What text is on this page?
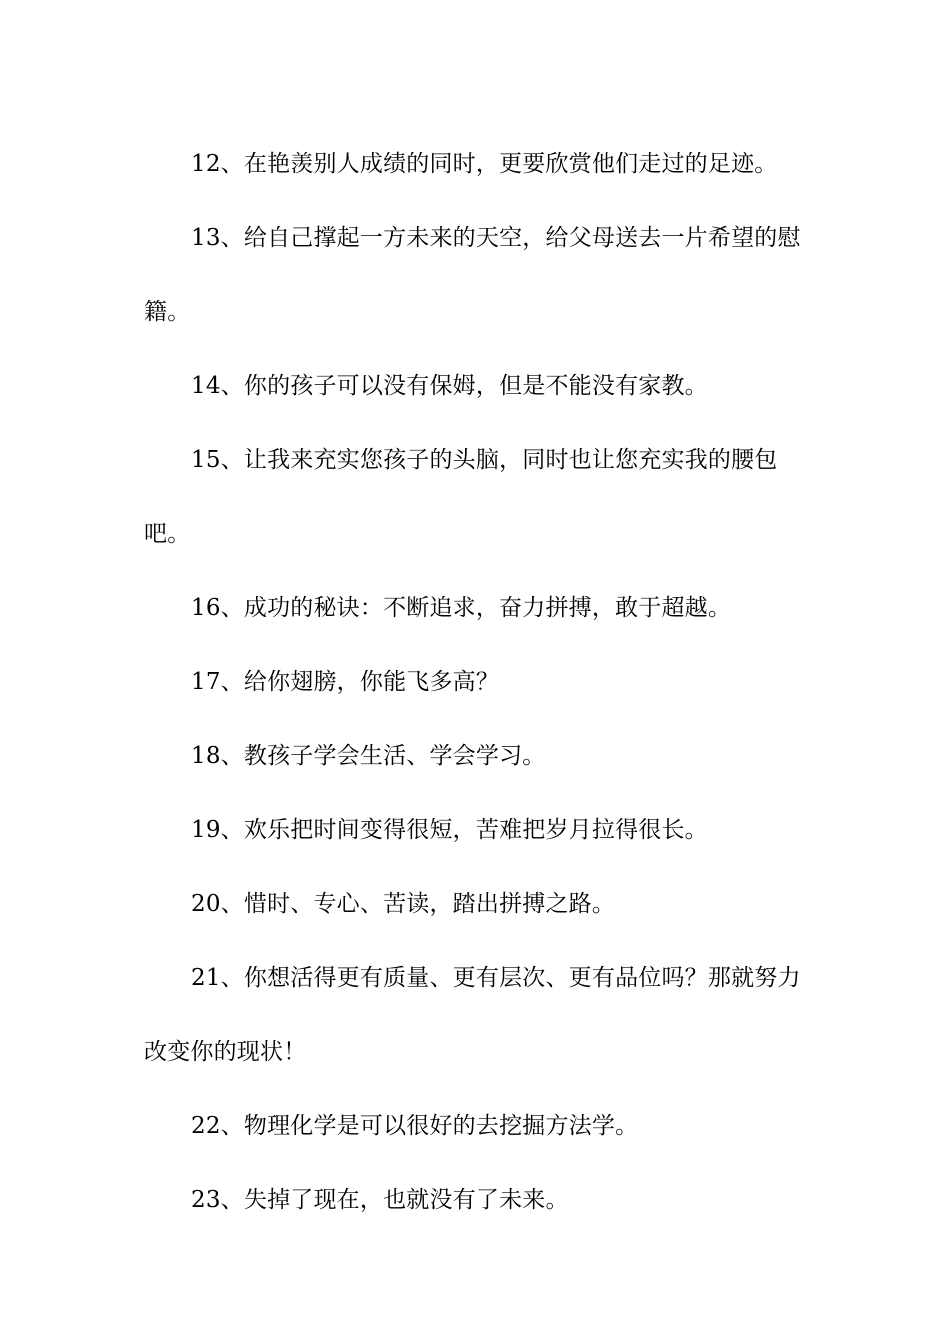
12、在艳羡别人成绩的同时，更要欣赏他们走过的足迹。

13、给自己撑起一方未来的天空，给父母送去一片希望的慰籍。

14、你的孩子可以没有保姆，但是不能没有家教。

15、让我来充实您孩子的头脑，同时也让您充实我的腰包吧。

16、成功的秘诀：不断追求，奋力拼搏，敢于超越。

17、给你翅膀，你能飞多高？

18、教孩子学会生活、学会学习。

19、欢乐把时间变得很短，苦难把岁月拉得很长。

20、惜时、专心、苦读，踏出拼搏之路。

21、你想活得更有质量、更有层次、更有品位吗？那就努力改变你的现状！

22、物理化学是可以很好的去挖掘方法学。

23、失掉了现在，也就没有了未来。
